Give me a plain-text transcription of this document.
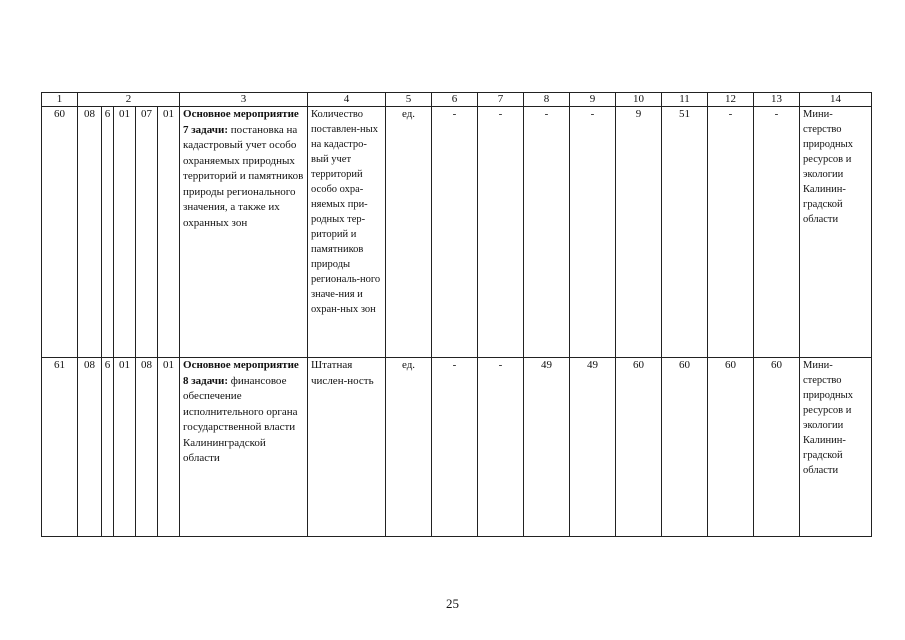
1	2					3	4	5	6	7	8	9	10	11	12	13	14
60	08	6	01	07	01	Основное мероприятие 7 задачи: постановка на кадастровый учет особо охраняемых природных территорий и памятников природы регионального значения, а также их охранных зон	Количество поставлен-ных на кадастро-вый учет территорий особо охра-няемых при-родных тер-риторий и памятников природы региональ-ного значе-ния и охран-ных зон	ед.	-	-	-	-	9	51	-	-	Мини-стерство природных ресурсов и экологии Калинин-градской области
61	08	6	01	08	01	Основное мероприятие 8 задачи: финансовое обеспечение исполнительного органа государственной власти Калининградской области	Штатная числен-ность	ед.	-	-	49	49	60	60	60	60	Мини-стерство природных ресурсов и экологии Калинин-градской области
25
